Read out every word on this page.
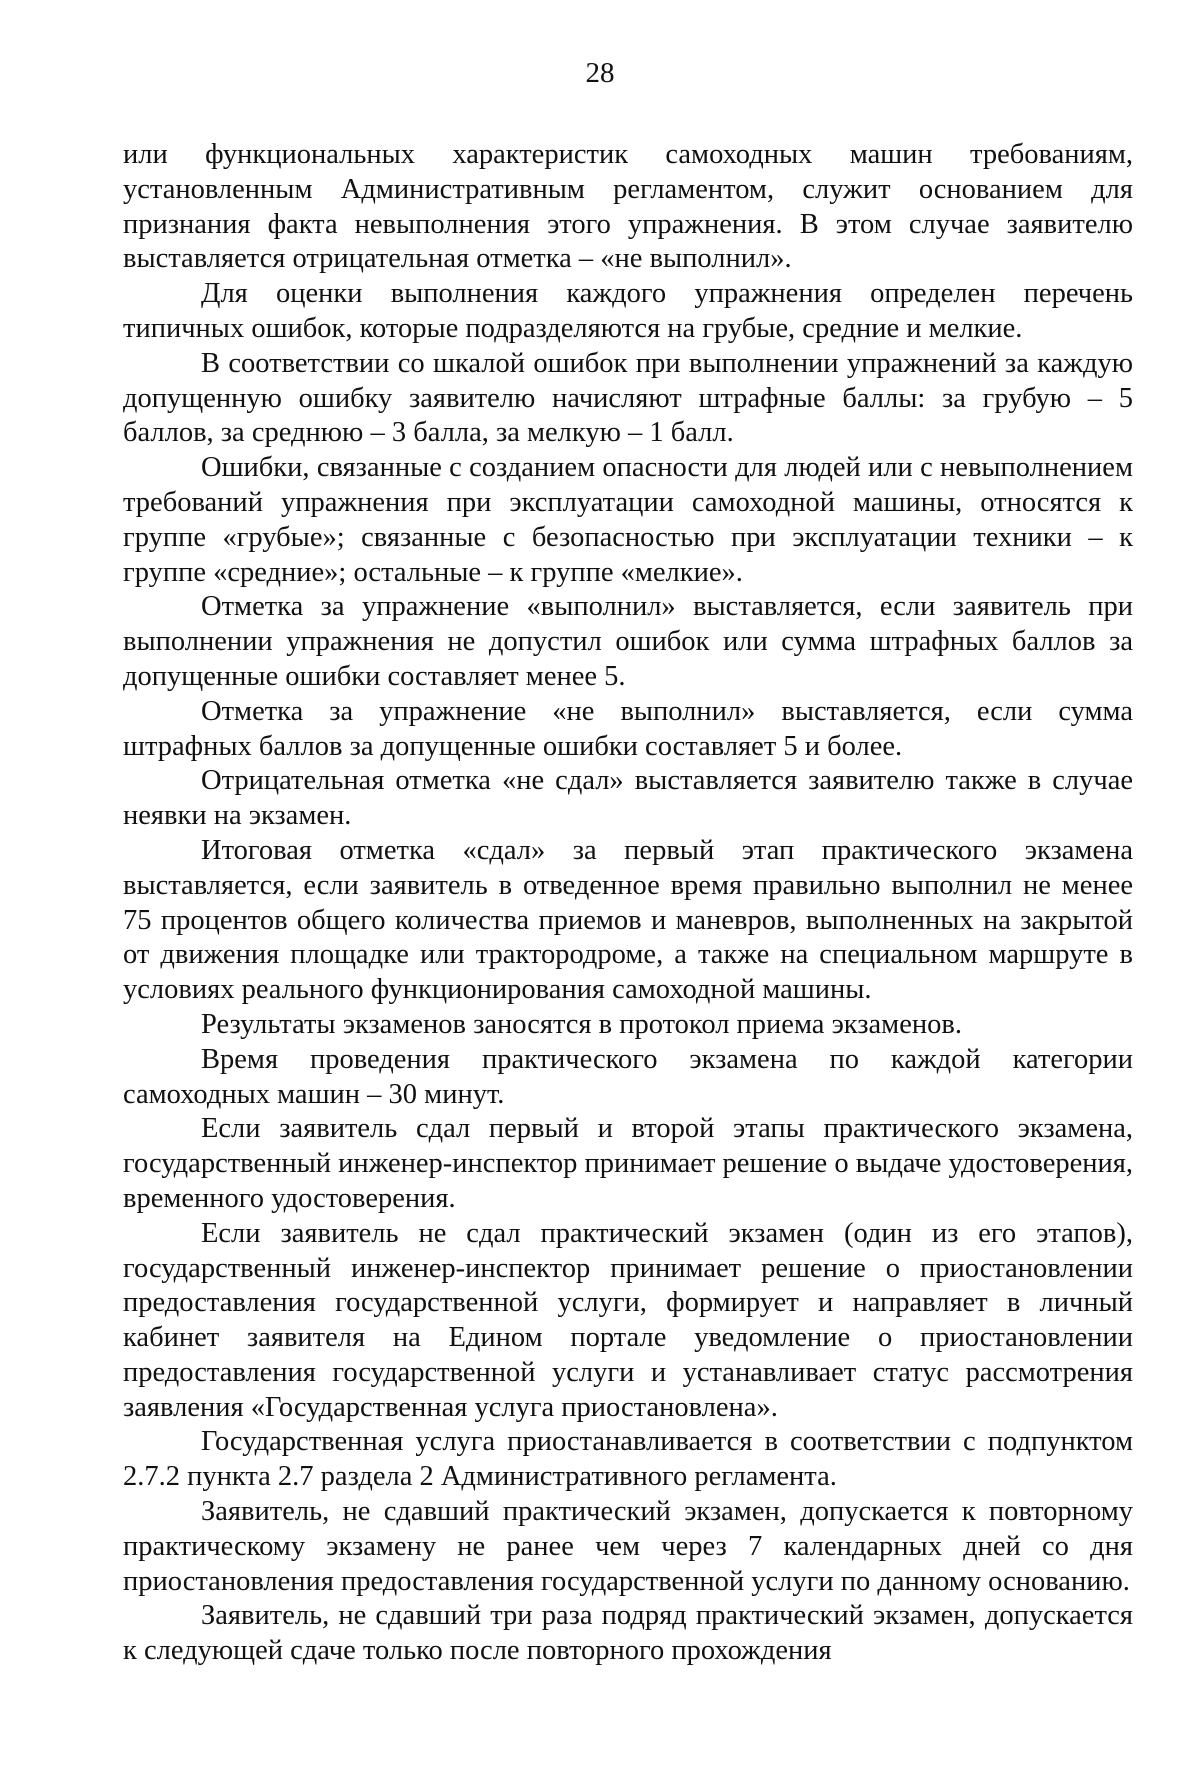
28

или функциональных характеристик самоходных машин требованиям, установленным Административным регламентом, служит основанием для признания факта невыполнения этого упражнения. В этом случае заявителю выставляется отрицательная отметка – «не выполнил».

Для оценки выполнения каждого упражнения определен перечень типичных ошибок, которые подразделяются на грубые, средние и мелкие.

В соответствии со шкалой ошибок при выполнении упражнений за каждую допущенную ошибку заявителю начисляют штрафные баллы: за грубую – 5 баллов, за среднюю – 3 балла, за мелкую – 1 балл.

Ошибки, связанные с созданием опасности для людей или с невыполнением требований упражнения при эксплуатации самоходной машины, относятся к группе «грубые»; связанные с безопасностью при эксплуатации техники – к группе «средние»; остальные – к группе «мелкие».

Отметка за упражнение «выполнил» выставляется, если заявитель при выполнении упражнения не допустил ошибок или сумма штрафных баллов за допущенные ошибки составляет менее 5.

Отметка за упражнение «не выполнил» выставляется, если сумма штрафных баллов за допущенные ошибки составляет 5 и более.

Отрицательная отметка «не сдал» выставляется заявителю также в случае неявки на экзамен.

Итоговая отметка «сдал» за первый этап практического экзамена выставляется, если заявитель в отведенное время правильно выполнил не менее 75 процентов общего количества приемов и маневров, выполненных на закрытой от движения площадке или трактородроме, а также на специальном маршруте в условиях реального функционирования самоходной машины.

Результаты экзаменов заносятся в протокол приема экзаменов.

Время проведения практического экзамена по каждой категории самоходных машин – 30 минут.

Если заявитель сдал первый и второй этапы практического экзамена, государственный инженер-инспектор принимает решение о выдаче удостоверения, временного удостоверения.

Если заявитель не сдал практический экзамен (один из его этапов), государственный инженер-инспектор принимает решение о приостановлении предоставления государственной услуги, формирует и направляет в личный кабинет заявителя на Едином портале уведомление о приостановлении предоставления государственной услуги и устанавливает статус рассмотрения заявления «Государственная услуга приостановлена».

Государственная услуга приостанавливается в соответствии с подпунктом 2.7.2 пункта 2.7 раздела 2 Административного регламента.

Заявитель, не сдавший практический экзамен, допускается к повторному практическому экзамену не ранее чем через 7 календарных дней со дня приостановления предоставления государственной услуги по данному основанию.

Заявитель, не сдавший три раза подряд практический экзамен, допускается к следующей сдаче только после повторного прохождения
